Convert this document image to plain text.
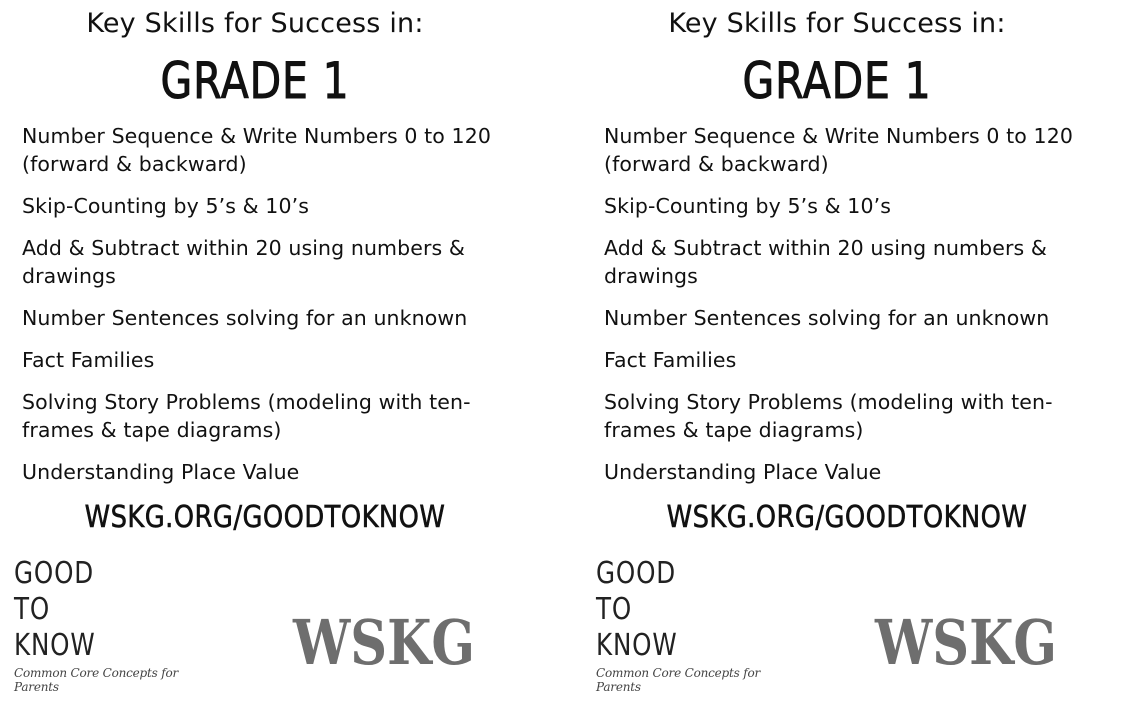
Key Skills for Success in:
GRADE 1
Number Sequence & Write Numbers 0 to 120 (forward & backward)
Skip-Counting by 5’s & 10’s
Add & Subtract within 20 using numbers & drawings
Number Sentences solving for an unknown
Fact Families
Solving Story Problems (modeling with ten-frames & tape diagrams)
Understanding Place Value
WSKG.ORG/GOODTOKNOW
GOOD
TO
KNOW
Common Core Concepts for Parents
WSKG
Key Skills for Success in:
GRADE 1
Number Sequence & Write Numbers 0 to 120 (forward & backward)
Skip-Counting by 5’s & 10’s
Add & Subtract within 20 using numbers & drawings
Number Sentences solving for an unknown
Fact Families
Solving Story Problems (modeling with ten-frames & tape diagrams)
Understanding Place Value
WSKG.ORG/GOODTOKNOW
GOOD
TO
KNOW
Common Core Concepts for Parents
WSKG
